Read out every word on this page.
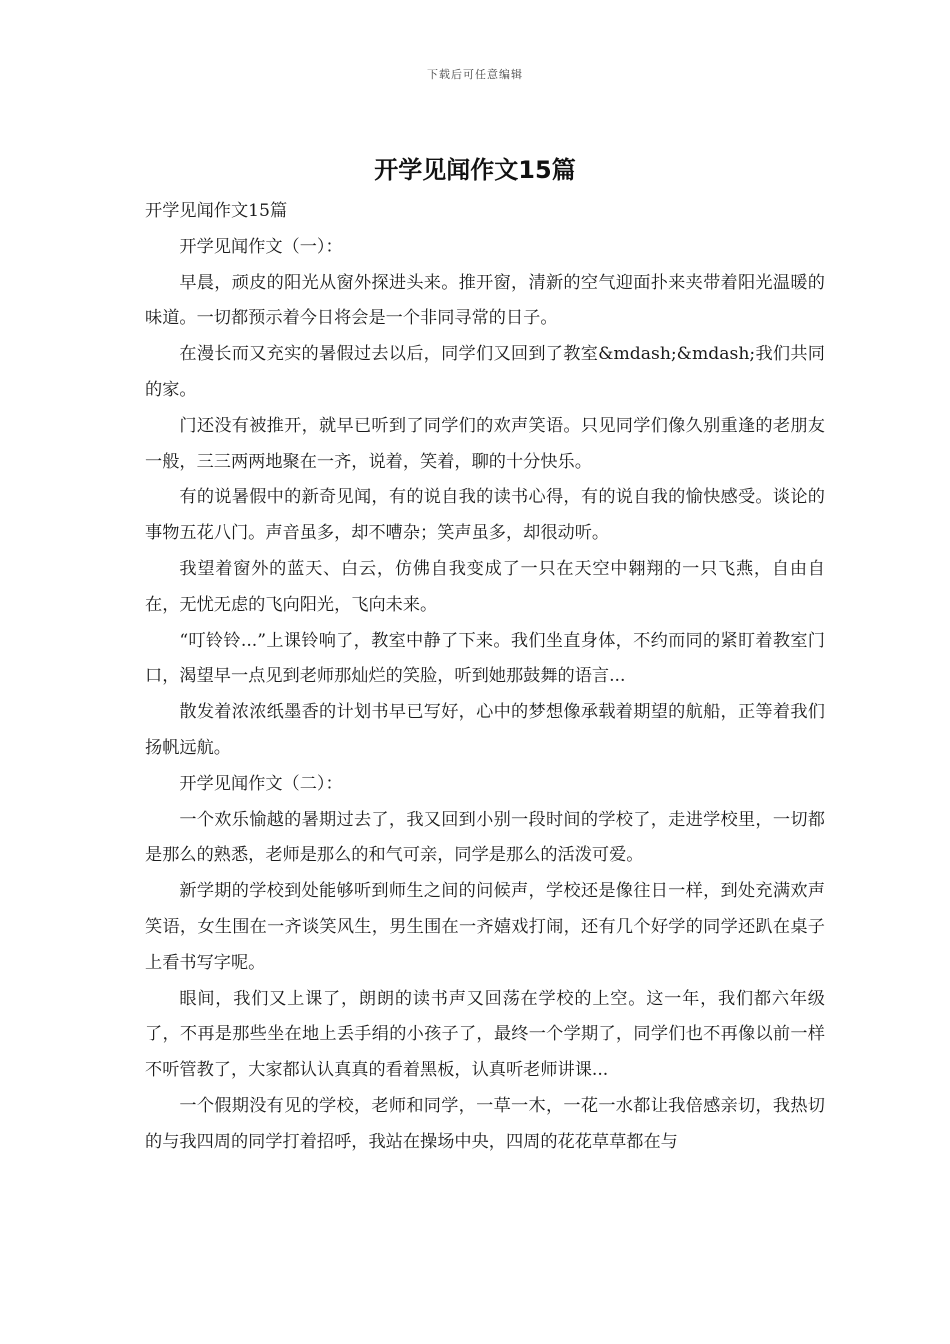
下载后可任意编辑
开学见闻作文15篇

开学见闻作文15篇

开学见闻作文（一）：

早晨，顽皮的阳光从窗外探进头来。推开窗，清新的空气迎面扑来夹带着阳光温暖的味道。一切都预示着今日将会是一个非同寻常的日子。

在漫长而又充实的暑假过去以后，同学们又回到了教室&mdash;&mdash;我们共同的家。

门还没有被推开，就早已听到了同学们的欢声笑语。只见同学们像久别重逢的老朋友一般，三三两两地聚在一齐，说着，笑着，聊的十分快乐。

有的说暑假中的新奇见闻，有的说自我的读书心得，有的说自我的愉快感受。谈论的事物五花八门。声音虽多，却不嘈杂；笑声虽多，却很动听。

我望着窗外的蓝天、白云，仿佛自我变成了一只在天空中翱翔的一只飞燕，自由自在，无忧无虑的飞向阳光，飞向未来。

“叮铃铃...”上课铃响了，教室中静了下来。我们坐直身体，不约而同的紧盯着教室门口，渴望早一点见到老师那灿烂的笑脸，听到她那鼓舞的语言...

散发着浓浓纸墨香的计划书早已写好，心中的梦想像承载着期望的航船，正等着我们扬帆远航。

开学见闻作文（二）：

一个欢乐愉越的暑期过去了，我又回到小别一段时间的学校了，走进学校里，一切都是那么的熟悉，老师是那么的和气可亲，同学是那么的活泼可爱。

新学期的学校到处能够听到师生之间的问候声，学校还是像往日一样，到处充满欢声笑语，女生围在一齐谈笑风生，男生围在一齐嬉戏打闹，还有几个好学的同学还趴在桌子上看书写字呢。

眼间，我们又上课了，朗朗的读书声又回荡在学校的上空。这一年，我们都六年级了，不再是那些坐在地上丢手绢的小孩子了，最终一个学期了，同学们也不再像以前一样不听管教了，大家都认认真真的看着黑板，认真听老师讲课...

一个假期没有见的学校，老师和同学，一草一木，一花一水都让我倍感亲切，我热切的与我四周的同学打着招呼，我站在操场中央，四周的花花草草都在与
